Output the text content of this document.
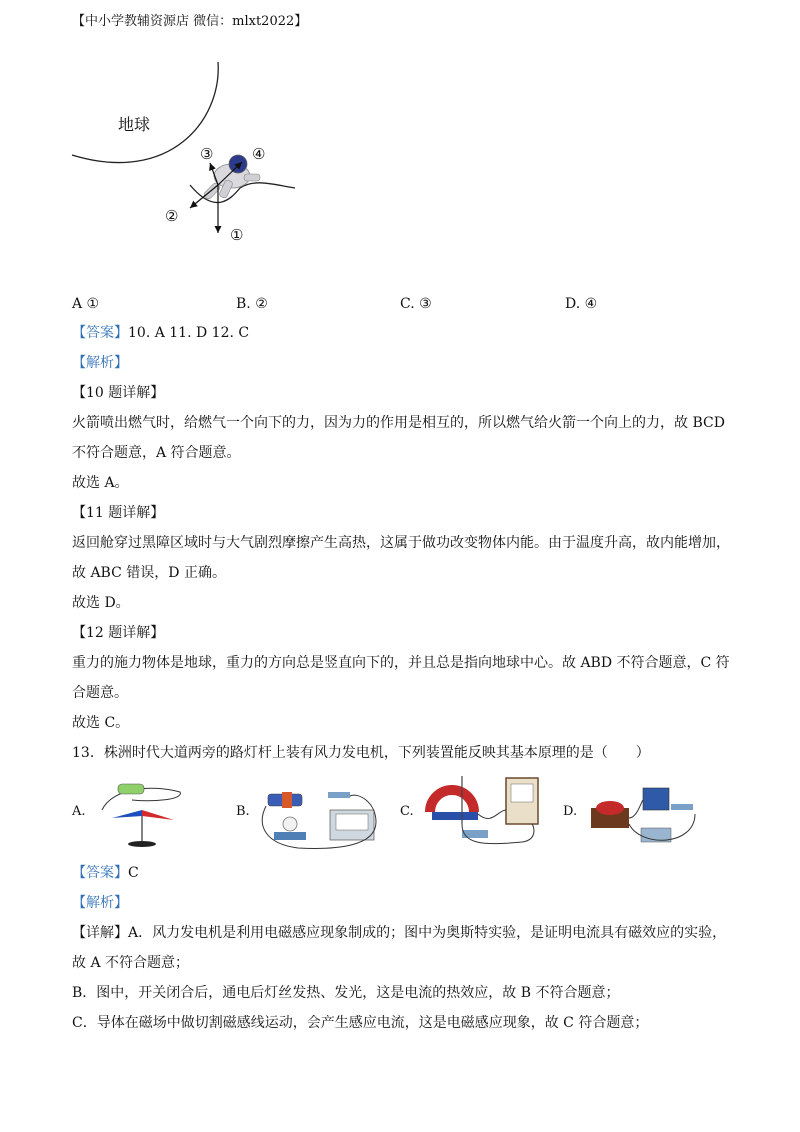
【中小学教辅资源店 微信：mlxt2022】
地球
③	④
②
①
A ①	B. ②	C. ③	D. ④
【答案】10. A 11. D 12. C
【解析】
【10 题详解】
火箭喷出燃气时，给燃气一个向下的力，因为力的作用是相互的，所以燃气给火箭一个向上的力，故 BCD
不符合题意，A 符合题意。
故选 A。
【11 题详解】
返回舱穿过黑障区域时与大气剧烈摩擦产生高热，这属于做功改变物体内能。由于温度升高，故内能增加，
故 ABC 错误，D 正确。
故选 D。
【12 题详解】
重力的施力物体是地球，重力的方向总是竖直向下的，并且总是指向地球中心。故 ABD 不符合题意，C 符
合题意。
故选 C。
13．株洲时代大道两旁的路灯杆上装有风力发电机，下列装置能反映其基本原理的是（　　）
A.	B.	C.	D.
【答案】C
【解析】
【详解】A．风力发电机是利用电磁感应现象制成的；图中为奥斯特实验，是证明电流具有磁效应的实验，
故 A 不符合题意；
B．图中，开关闭合后，通电后灯丝发热、发光，这是电流的热效应，故 B 不符合题意；
C．导体在磁场中做切割磁感线运动，会产生感应电流，这是电磁感应现象，故 C 符合题意；
